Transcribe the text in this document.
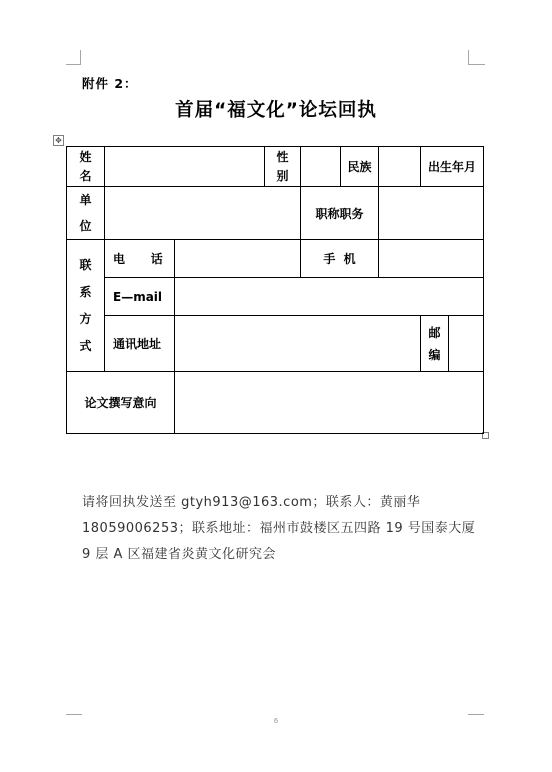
附件 2：
首届“福文化”论坛回执
✥
姓名			性别		民族		出生年月	
单位				职称职务				
联系方式	电 话			手  机				
	E—mail							
	通讯地址						邮编	
论文撰写意向								
请将回执发送至 gtyh913@163.com；联系人：黄丽华 18059006253；联系地址：福州市鼓楼区五四路 19 号国泰大厦 9 层 A 区福建省炎黄文化研究会
6
